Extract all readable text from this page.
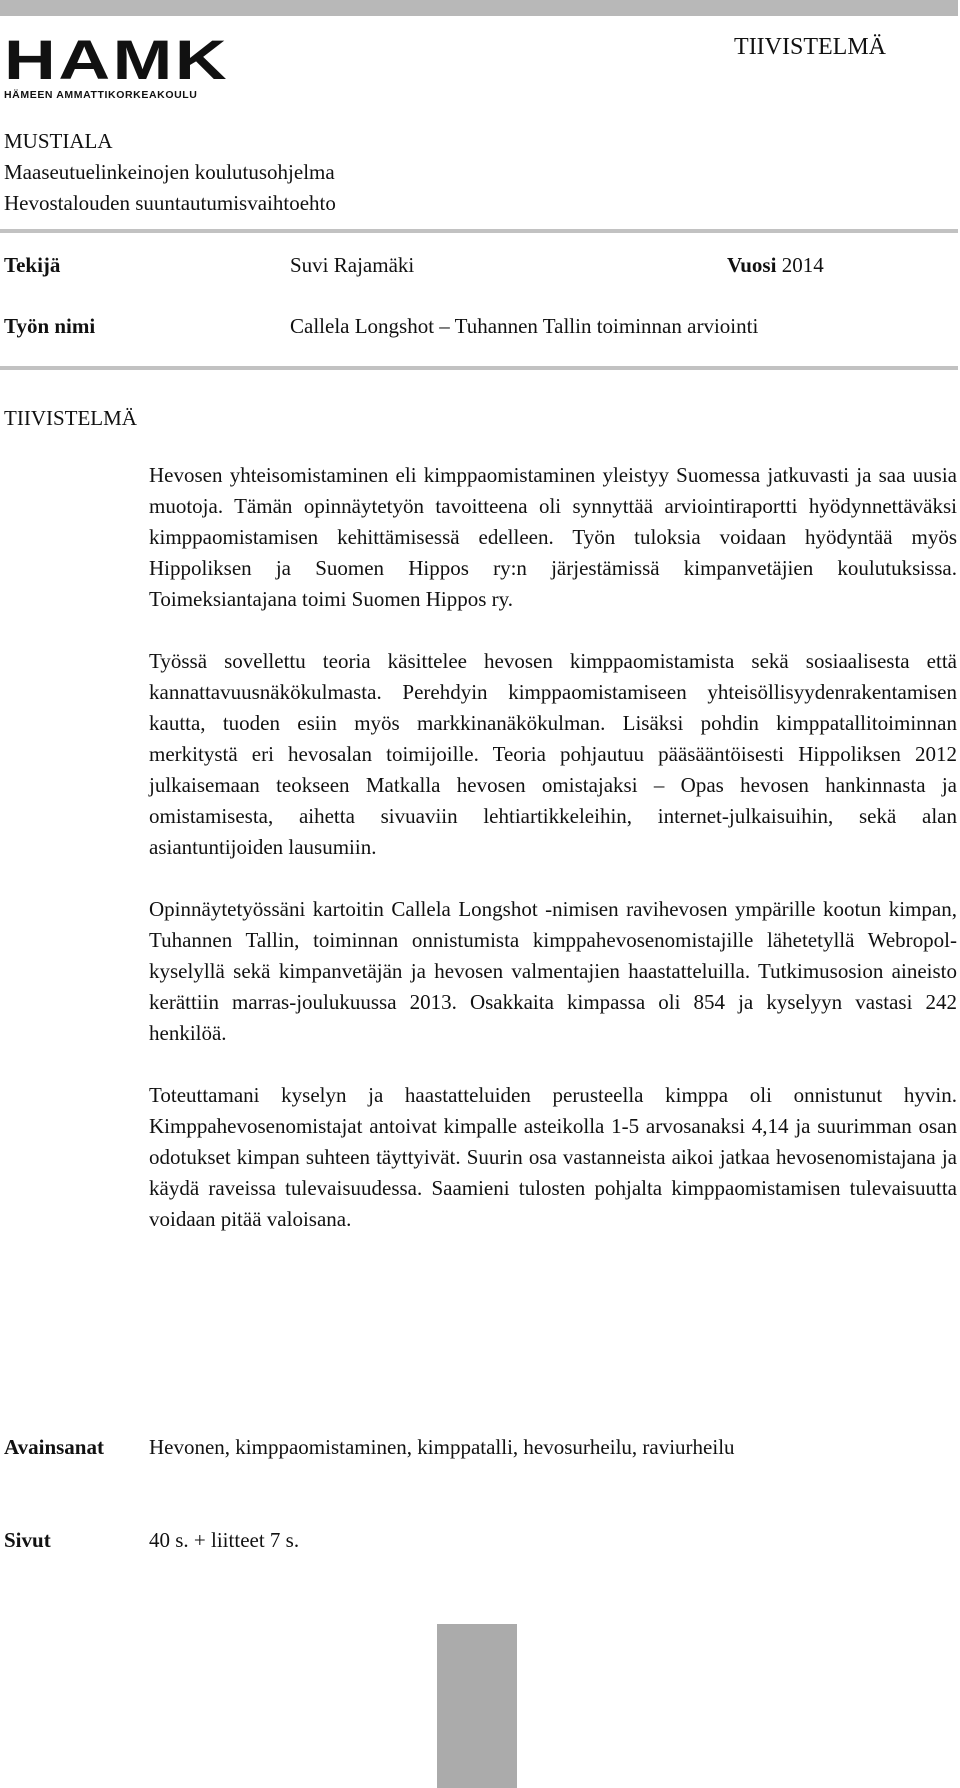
HAMK
HÄMEEN AMMATTIKORKEAKOULU
TIIVISTELMÄ
MUSTIALA
Maaseutuelinkeinojen koulutusohjelma
Hevostalouden suuntautumisvaihtoehto
Tekijä	Suvi Rajamäki	Vuosi 2014
Työn nimi	Callela Longshot – Tuhannen Tallin toiminnan arviointi
TIIVISTELMÄ

Hevosen yhteisomistaminen eli kimppaomistaminen yleistyy Suomessa jatkuvasti ja saa uusia muotoja. Tämän opinnäytetyön tavoitteena oli synnyttää arviointiraportti hyödynnettäväksi kimppaomistamisen kehittämisessä edelleen. Työn tuloksia voidaan hyödyntää myös Hippoliksen ja Suomen Hippos ry:n järjestämissä kimpanvetäjien koulutuksissa. Toimeksiantajana toimi Suomen Hippos ry.

Työssä sovellettu teoria käsittelee hevosen kimppaomistamista sekä sosiaalisesta että kannattavuusnäkökulmasta. Perehdyin kimppaomistamiseen yhteisöllisyydenrakentamisen kautta, tuoden esiin myös markkinanäkökulman. Lisäksi pohdin kimppatallitoiminnan merkitystä eri hevosalan toimijoille. Teoria pohjautuu pääsääntöisesti Hippoliksen 2012 julkaisemaan teokseen Matkalla hevosen omistajaksi – Opas hevosen hankinnasta ja omistamisesta, aihetta sivuaviin lehtiartikkeleihin, internet-julkaisuihin, sekä alan asiantuntijoiden lausumiin.

Opinnäytetyössäni kartoitin Callela Longshot -nimisen ravihevosen ympärille kootun kimpan, Tuhannen Tallin, toiminnan onnistumista kimppahevosenomistajille lähetetyllä Webropol-kyselyllä sekä kimpanvetäjän ja hevosen valmentajien haastatteluilla. Tutkimusosion aineisto kerättiin marras-joulukuussa 2013. Osakkaita kimpassa oli 854 ja kyselyyn vastasi 242 henkilöä.

Toteuttamani kyselyn ja haastatteluiden perusteella kimppa oli onnistunut hyvin. Kimppahevosenomistajat antoivat kimpalle asteikolla 1-5 arvosanaksi 4,14 ja suurimman osan odotukset kimpan suhteen täyttyivät. Suurin osa vastanneista aikoi jatkaa hevosenomistajana ja käydä raveissa tulevaisuudessa. Saamieni tulosten pohjalta kimppaomistamisen tulevaisuutta voidaan pitää valoisana.

Avainsanat Hevonen, kimppaomistaminen, kimppatalli, hevosurheilu, raviurheilu
Sivut	40 s. + liitteet 7 s.
